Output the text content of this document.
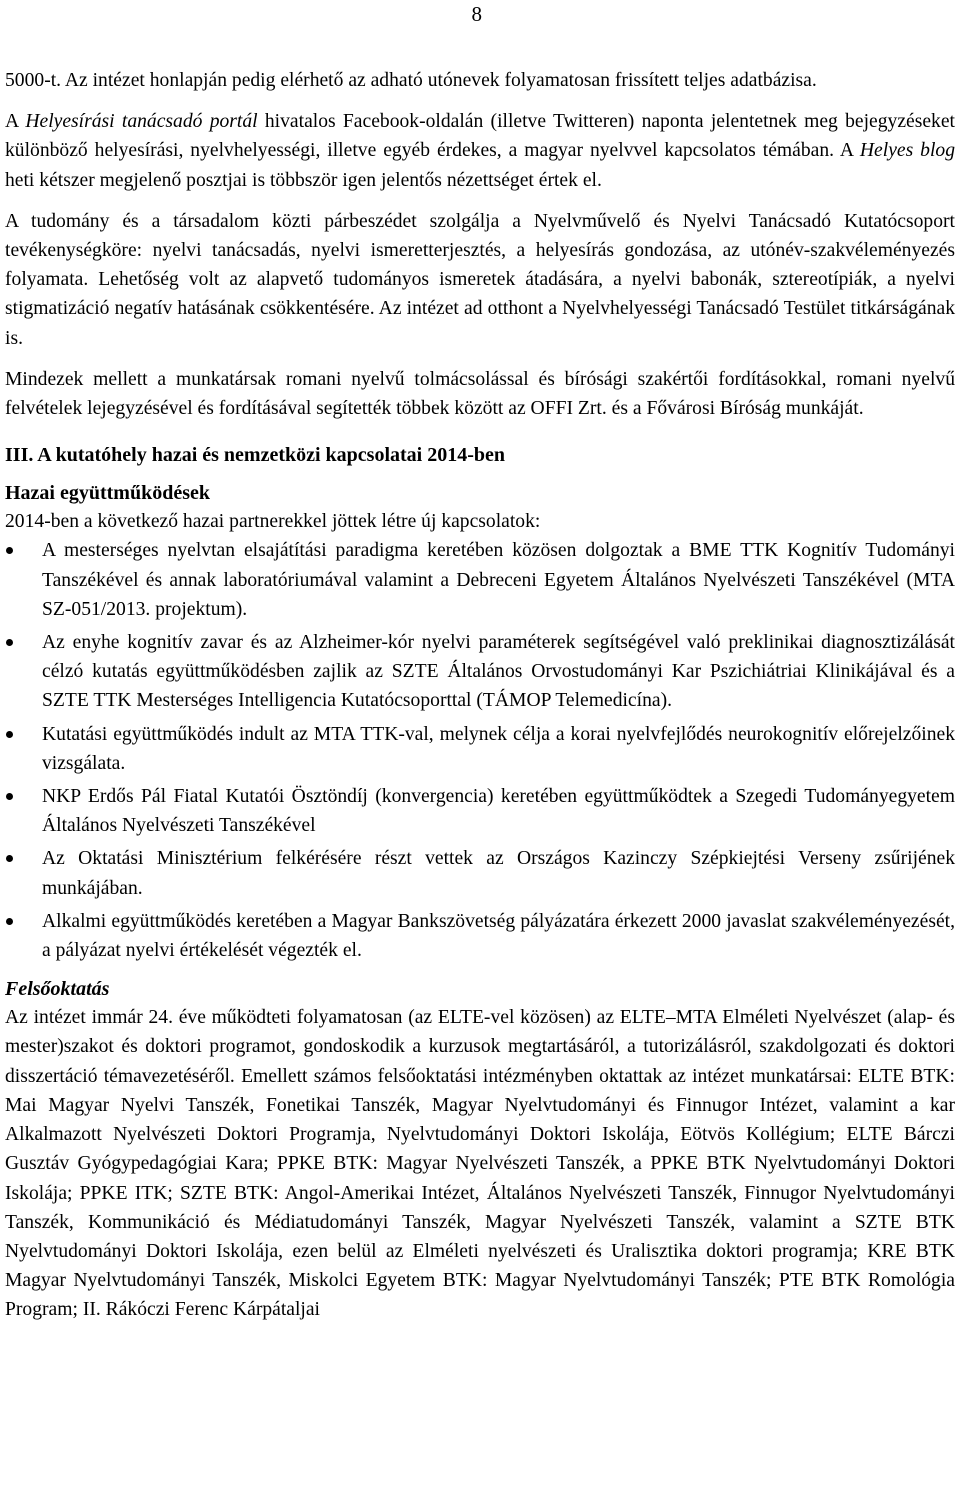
8

5000-t. Az intézet honlapján pedig elérhető az adható utónevek folyamatosan frissített teljes adatbázisa.

A Helyesírási tanácsadó portál hivatalos Facebook-oldalán (illetve Twitteren) naponta jelentetnek meg bejegyzéseket különböző helyesírási, nyelvhelyességi, illetve egyéb érdekes, a magyar nyelvvel kapcsolatos témában. A Helyes blog heti kétszer megjelenő posztjai is többször igen jelentős nézettséget értek el.

A tudomány és a társadalom közti párbeszédet szolgálja a Nyelvművelő és Nyelvi Tanácsadó Kutatócsoport tevékenységköre: nyelvi tanácsadás, nyelvi ismeretterjesztés, a helyesírás gondozása, az utónév-szakvéleményezés folyamata. Lehetőség volt az alapvető tudományos ismeretek átadására, a nyelvi babonák, sztereotípiák, a nyelvi stigmatizáció negatív hatásának csökkentésére. Az intézet ad otthont a Nyelvhelyességi Tanácsadó Testület titkárságának is.

Mindezek mellett a munkatársak romani nyelvű tolmácsolással és bírósági szakértői fordításokkal, romani nyelvű felvételek lejegyzésével és fordításával segítették többek között az OFFI Zrt. és a Fővárosi Bíróság munkáját.

III. A kutatóhely hazai és nemzetközi kapcsolatai 2014-ben
Hazai együttműködések

2014-ben a következő hazai partnerekkel jöttek létre új kapcsolatok:

A mesterséges nyelvtan elsajátítási paradigma keretében közösen dolgoztak a BME TTK Kognitív Tudományi Tanszékével és annak laboratóriumával valamint a Debreceni Egyetem Általános Nyelvészeti Tanszékével (MTA SZ-051/2013. projektum).
Az enyhe kognitív zavar és az Alzheimer-kór nyelvi paraméterek segítségével való preklinikai diagnosztizálását célzó kutatás együttműködésben zajlik az SZTE Általános Orvostudományi Kar Pszichiátriai Klinikájával és a SZTE TTK Mesterséges Intelligencia Kutatócsoporttal (TÁMOP Telemedicína).
Kutatási együttműködés indult az MTA TTK-val, melynek célja a korai nyelvfejlődés neurokognitív előrejelzőinek vizsgálata.
NKP Erdős Pál Fiatal Kutatói Ösztöndíj (konvergencia) keretében együttműködtek a Szegedi Tudományegyetem Általános Nyelvészeti Tanszékével
Az Oktatási Minisztérium felkérésére részt vettek az Országos Kazinczy Szépkiejtési Verseny zsűrijének munkájában.
Alkalmi együttműködés keretében a Magyar Bankszövetség pályázatára érkezett 2000 javaslat szakvéleményezését, a pályázat nyelvi értékelését végezték el.
Felsőoktatás

Az intézet immár 24. éve működteti folyamatosan (az ELTE-vel közösen) az ELTE–MTA Elméleti Nyelvészet (alap- és mester)szakot és doktori programot, gondoskodik a kurzusok megtartásáról, a tutorizálásról, szakdolgozati és doktori disszertáció témavezetéséről. Emellett számos felsőoktatási intézményben oktattak az intézet munkatársai: ELTE BTK: Mai Magyar Nyelvi Tanszék, Fonetikai Tanszék, Magyar Nyelvtudományi és Finnugor Intézet, valamint a kar Alkalmazott Nyelvészeti Doktori Programja, Nyelvtudományi Doktori Iskolája, Eötvös Kollégium; ELTE Bárczi Gusztáv Gyógypedagógiai Kara; PPKE BTK: Magyar Nyelvészeti Tanszék, a PPKE BTK Nyelvtudományi Doktori Iskolája; PPKE ITK; SZTE BTK: Angol-Amerikai Intézet, Általános Nyelvészeti Tanszék, Finnugor Nyelvtudományi Tanszék, Kommunikáció és Médiatudományi Tanszék, Magyar Nyelvészeti Tanszék, valamint a SZTE BTK Nyelvtudományi Doktori Iskolája, ezen belül az Elméleti nyelvészeti és Uralisztika doktori programja; KRE BTK Magyar Nyelvtudományi Tanszék, Miskolci Egyetem BTK: Magyar Nyelvtudományi Tanszék; PTE BTK Romológia Program; II. Rákóczi Ferenc Kárpátaljai
